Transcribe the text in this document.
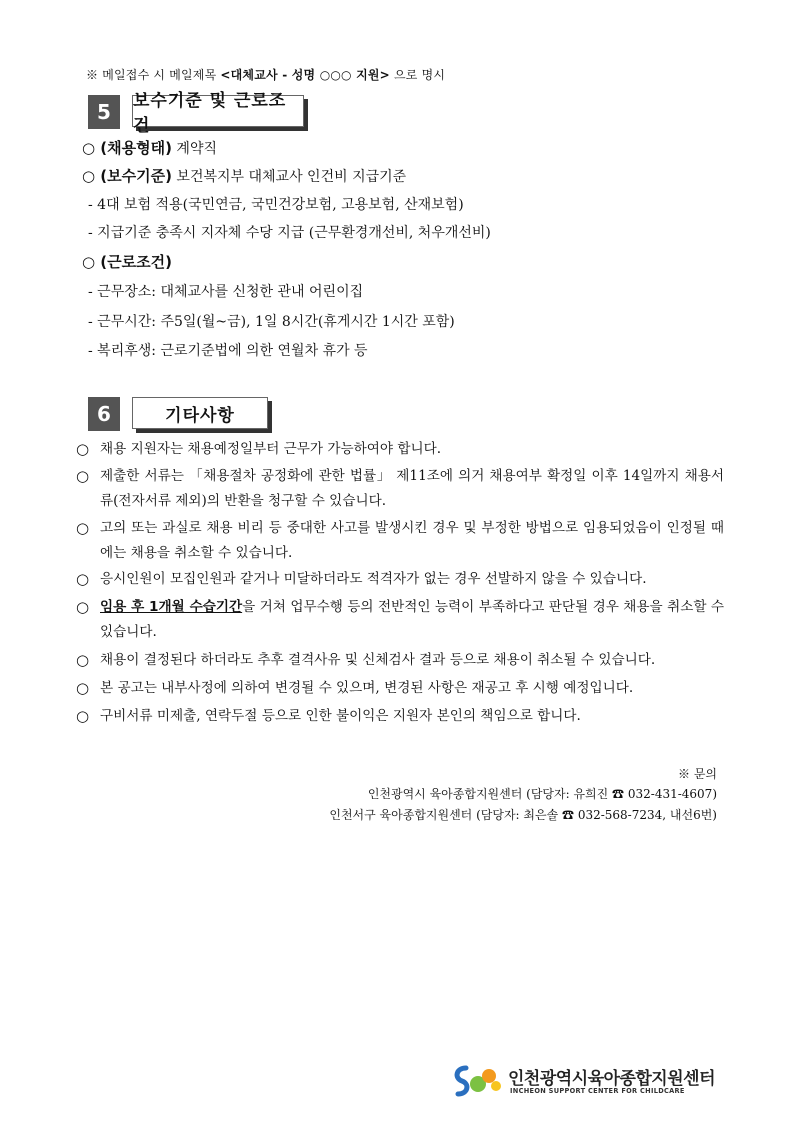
※ 메일접수 시 메일제목 <대체교사 - 성명 ○○○ 지원> 으로 명시
5	보수기준 및 근로조건
○ (채용형태) 계약직
○ (보수기준) 보건복지부 대체교사 인건비 지급기준
- 4대 보험 적용(국민연금, 국민건강보험, 고용보험, 산재보험)
- 지급기준 충족시 지자체 수당 지급 (근무환경개선비, 처우개선비)
○ (근로조건)
- 근무장소: 대체교사를 신청한 관내 어린이집
- 근무시간: 주5일(월~금), 1일 8시간(휴게시간 1시간 포함)
- 복리후생: 근로기준법에 의한 연월차 휴가 등
6	기타사항
○ 채용 지원자는 채용예정일부터 근무가 가능하여야 합니다.
○ 제출한 서류는 「채용절차 공정화에 관한 법률」 제11조에 의거 채용여부 확정일 이후 14일까지 채용서류(전자서류 제외)의 반환을 청구할 수 있습니다.
○ 고의 또는 과실로 채용 비리 등 중대한 사고를 발생시킨 경우 및 부정한 방법으로 임용되었음이 인정될 때에는 채용을 취소할 수 있습니다.
○ 응시인원이 모집인원과 같거나 미달하더라도 적격자가 없는 경우 선발하지 않을 수 있습니다.
○ 임용 후 1개월 수습기간을 거쳐 업무수행 등의 전반적인 능력이 부족하다고 판단될 경우 채용을 취소할 수 있습니다.
○ 채용이 결정된다 하더라도 추후 결격사유 및 신체검사 결과 등으로 채용이 취소될 수 있습니다.
○ 본 공고는 내부사정에 의하여 변경될 수 있으며, 변경된 사항은 재공고 후 시행 예정입니다.
○ 구비서류 미제출, 연락두절 등으로 인한 불이익은 지원자 본인의 책임으로 합니다.
※ 문의
인천광역시 육아종합지원센터 (담당자: 유희진 ☎ 032-431-4607)
인천서구 육아종합지원센터 (담당자: 최은솔 ☎ 032-568-7234, 내선6번)
인천광역시육아종합지원센터
INCHEON SUPPORT CENTER FOR CHILDCARE
